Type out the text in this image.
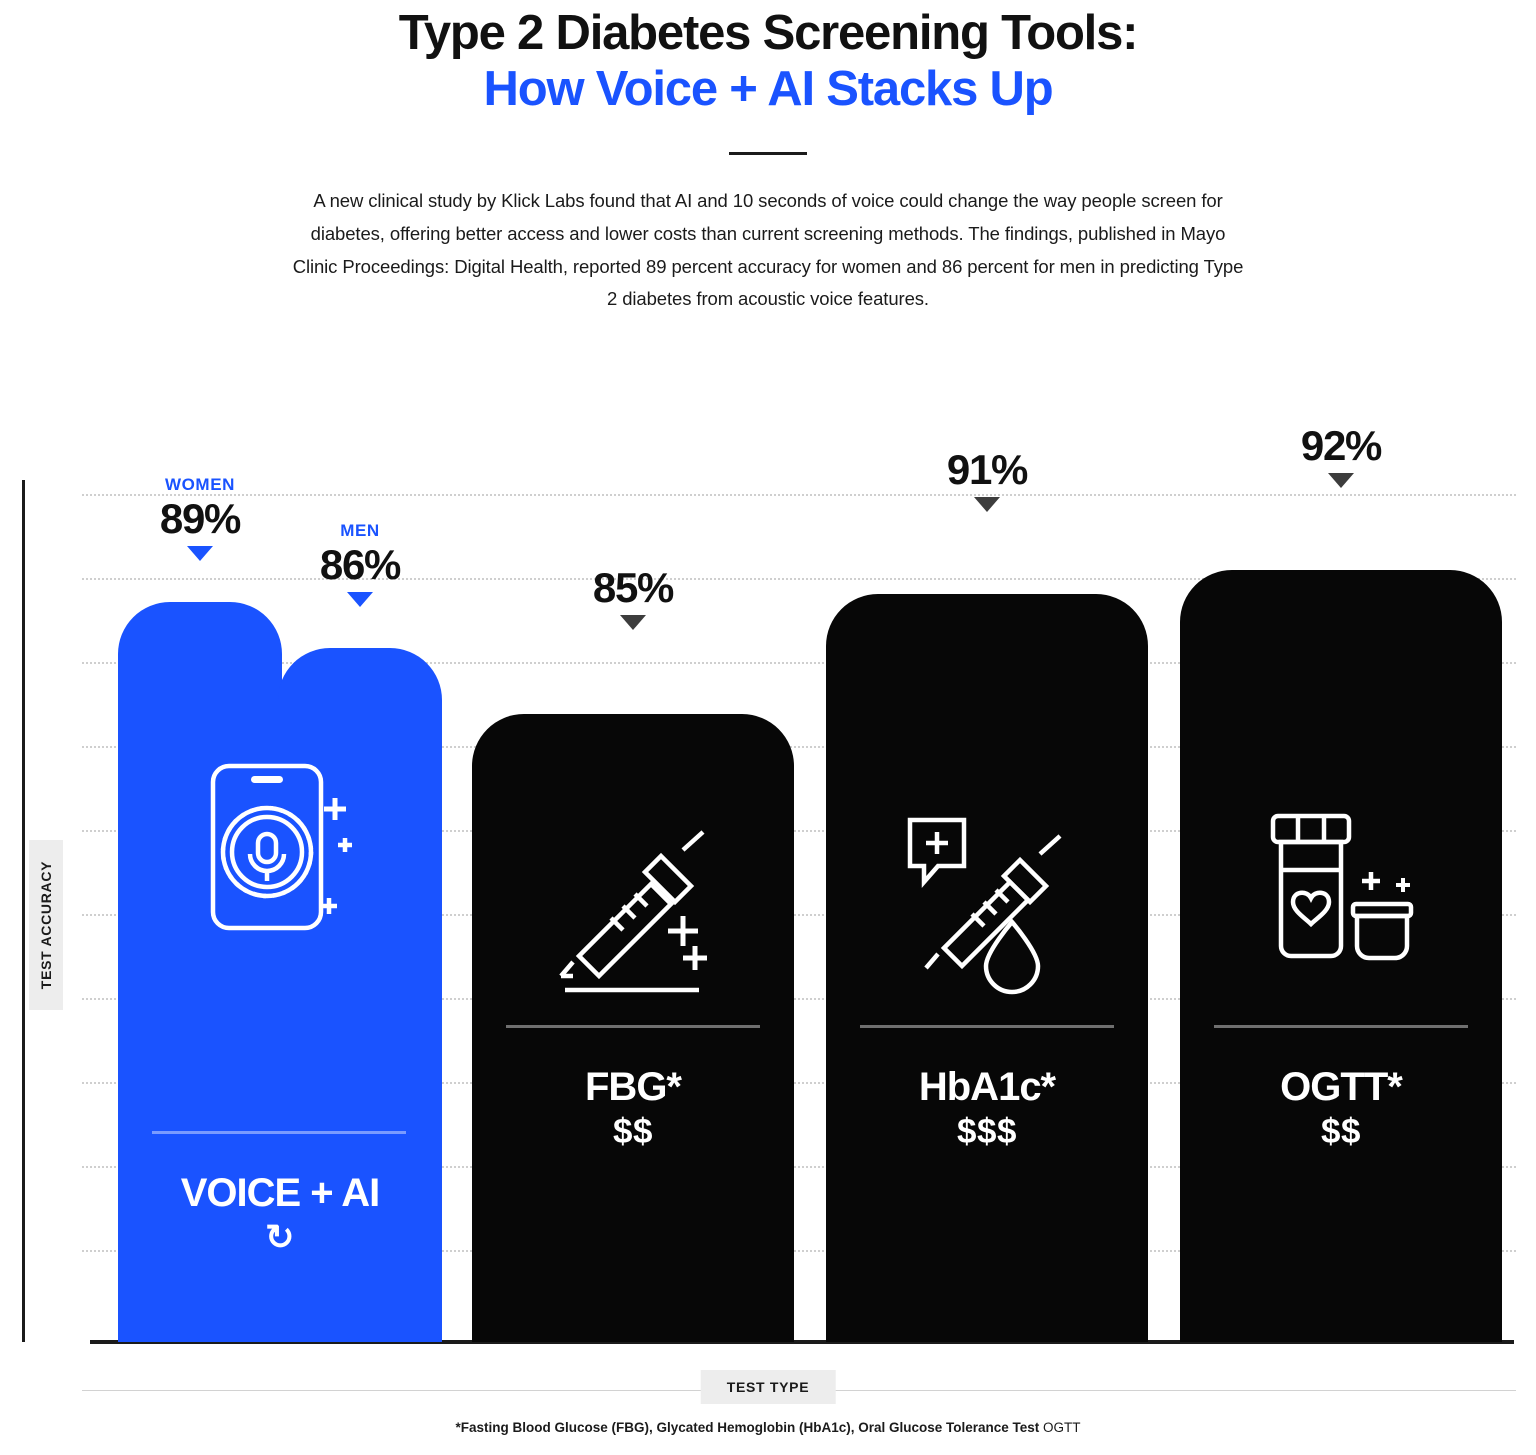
Type 2 Diabetes Screening Tools:
How Voice + AI Stacks Up
A new clinical study by Klick Labs found that AI and 10 seconds of voice could change the way people screen for diabetes, offering better access and lower costs than current screening methods. The findings, published in Mayo Clinic Proceedings: Digital Health, reported 89 percent accuracy for women and 86 percent for men in predicting Type 2 diabetes from acoustic voice features.
TEST ACCURACY
TEST TYPE
VOICE + AI
↻
FBG*
$$
HbA1c*
$$$
OGTT*
$$
WOMEN
89%	MEN
86%	85%
91%
92%
*Fasting Blood Glucose (FBG), Glycated Hemoglobin (HbA1c), Oral Glucose Tolerance Test OGTT
